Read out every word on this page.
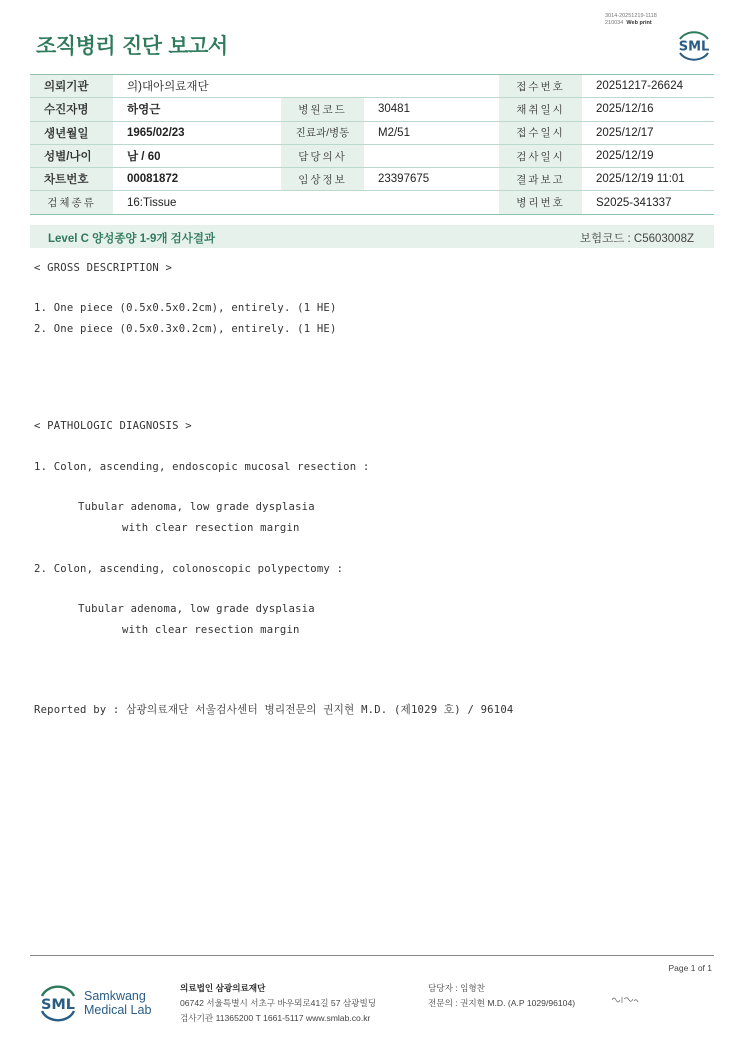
조직병리 진단 보고서
3014-20251219-1118
210034 Web print
SML
의뢰기관	의)대아의료재단			접수번호	20251217-26624
수진자명	하영근	병원코드	30481	채취일시	2025/12/16
생년월일	1965/02/23	진료과/병동	M2/51	접수일시	2025/12/17
성별/나이	남 / 60	담당의사		검사일시	2025/12/19
차트번호	00081872	임상정보	23397675	결과보고	2025/12/19 11:01
검체종류	16:Tissue			병리번호	S2025-341337
Level C 양성종양 1-9개 검사결과	보험코드 : C5603008Z
< GROSS DESCRIPTION >
1. One piece (0.5x0.5x0.2cm), entirely. (1 HE)
2. One piece (0.5x0.3x0.2cm), entirely. (1 HE)
< PATHOLOGIC DIAGNOSIS >
1. Colon, ascending, endoscopic mucosal resection :
Tubular adenoma, low grade dysplasia
with clear resection margin
2. Colon, ascending, colonoscopic polypectomy :
Tubular adenoma, low grade dysplasia
with clear resection margin
Reported by : 삼광의료재단 서울검사센터 병리전문의 권지현 M.D. (제1029 호) / 96104
Page 1 of 1
SML
Samkwang
Medical Lab
의료법인 삼광의료재단
06742 서울특별시 서초구 바우뫼로41길 57 삼광빌딩
검사기관 11365200 T 1661-5117 www.smlab.co.kr
담당자 : 임형찬
전문의 : 권지현 M.D. (A.P 1029/96104)
